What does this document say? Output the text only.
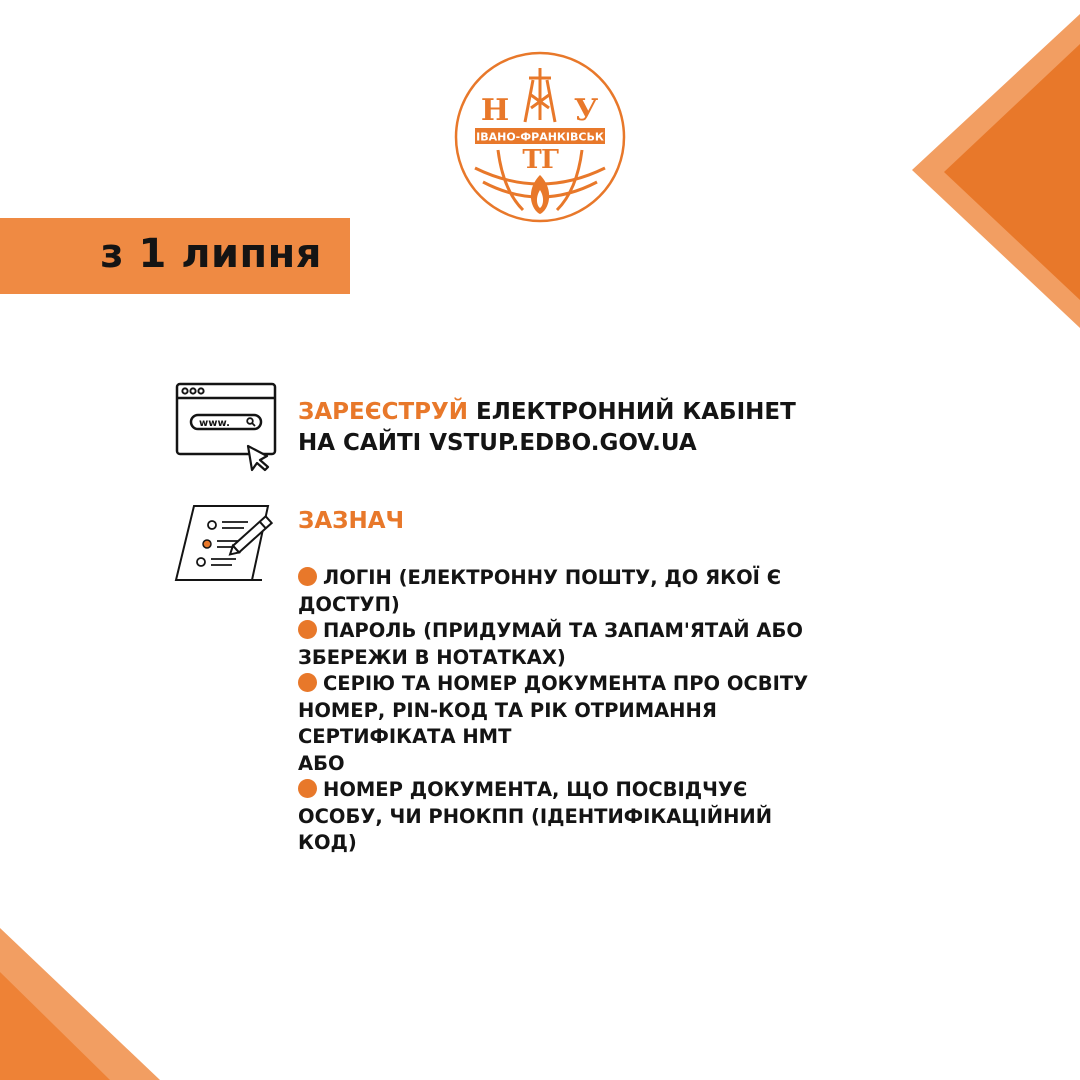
Н У
ІВАНО-ФРАНКІВСЬК
Т Г
з 1 липня
www.	ЗАРЕЄСТРУЙ ЕЛЕКТРОННИЙ КАБІНЕТ
НА САЙТІ VSTUP.EDBO.GOV.UA
ЗАЗНАЧ
ЛОГІН (ЕЛЕКТРОННУ ПОШТУ, ДО ЯКОЇ Є ДОСТУП)
ПАРОЛЬ (ПРИДУМАЙ ТА ЗАПАМ'ЯТАЙ АБО ЗБЕРЕЖИ В НОТАТКАХ)
СЕРІЮ ТА НОМЕР ДОКУМЕНТА ПРО ОСВІТУ
НОМЕР, PIN-КОД ТА РІК ОТРИМАННЯ СЕРТИФІКАТА НМТ
АБО
НОМЕР ДОКУМЕНТА, ЩО ПОСВІДЧУЄ ОСОБУ, ЧИ РНОКПП (ІДЕНТИФІКАЦІЙНИЙ КОД)
